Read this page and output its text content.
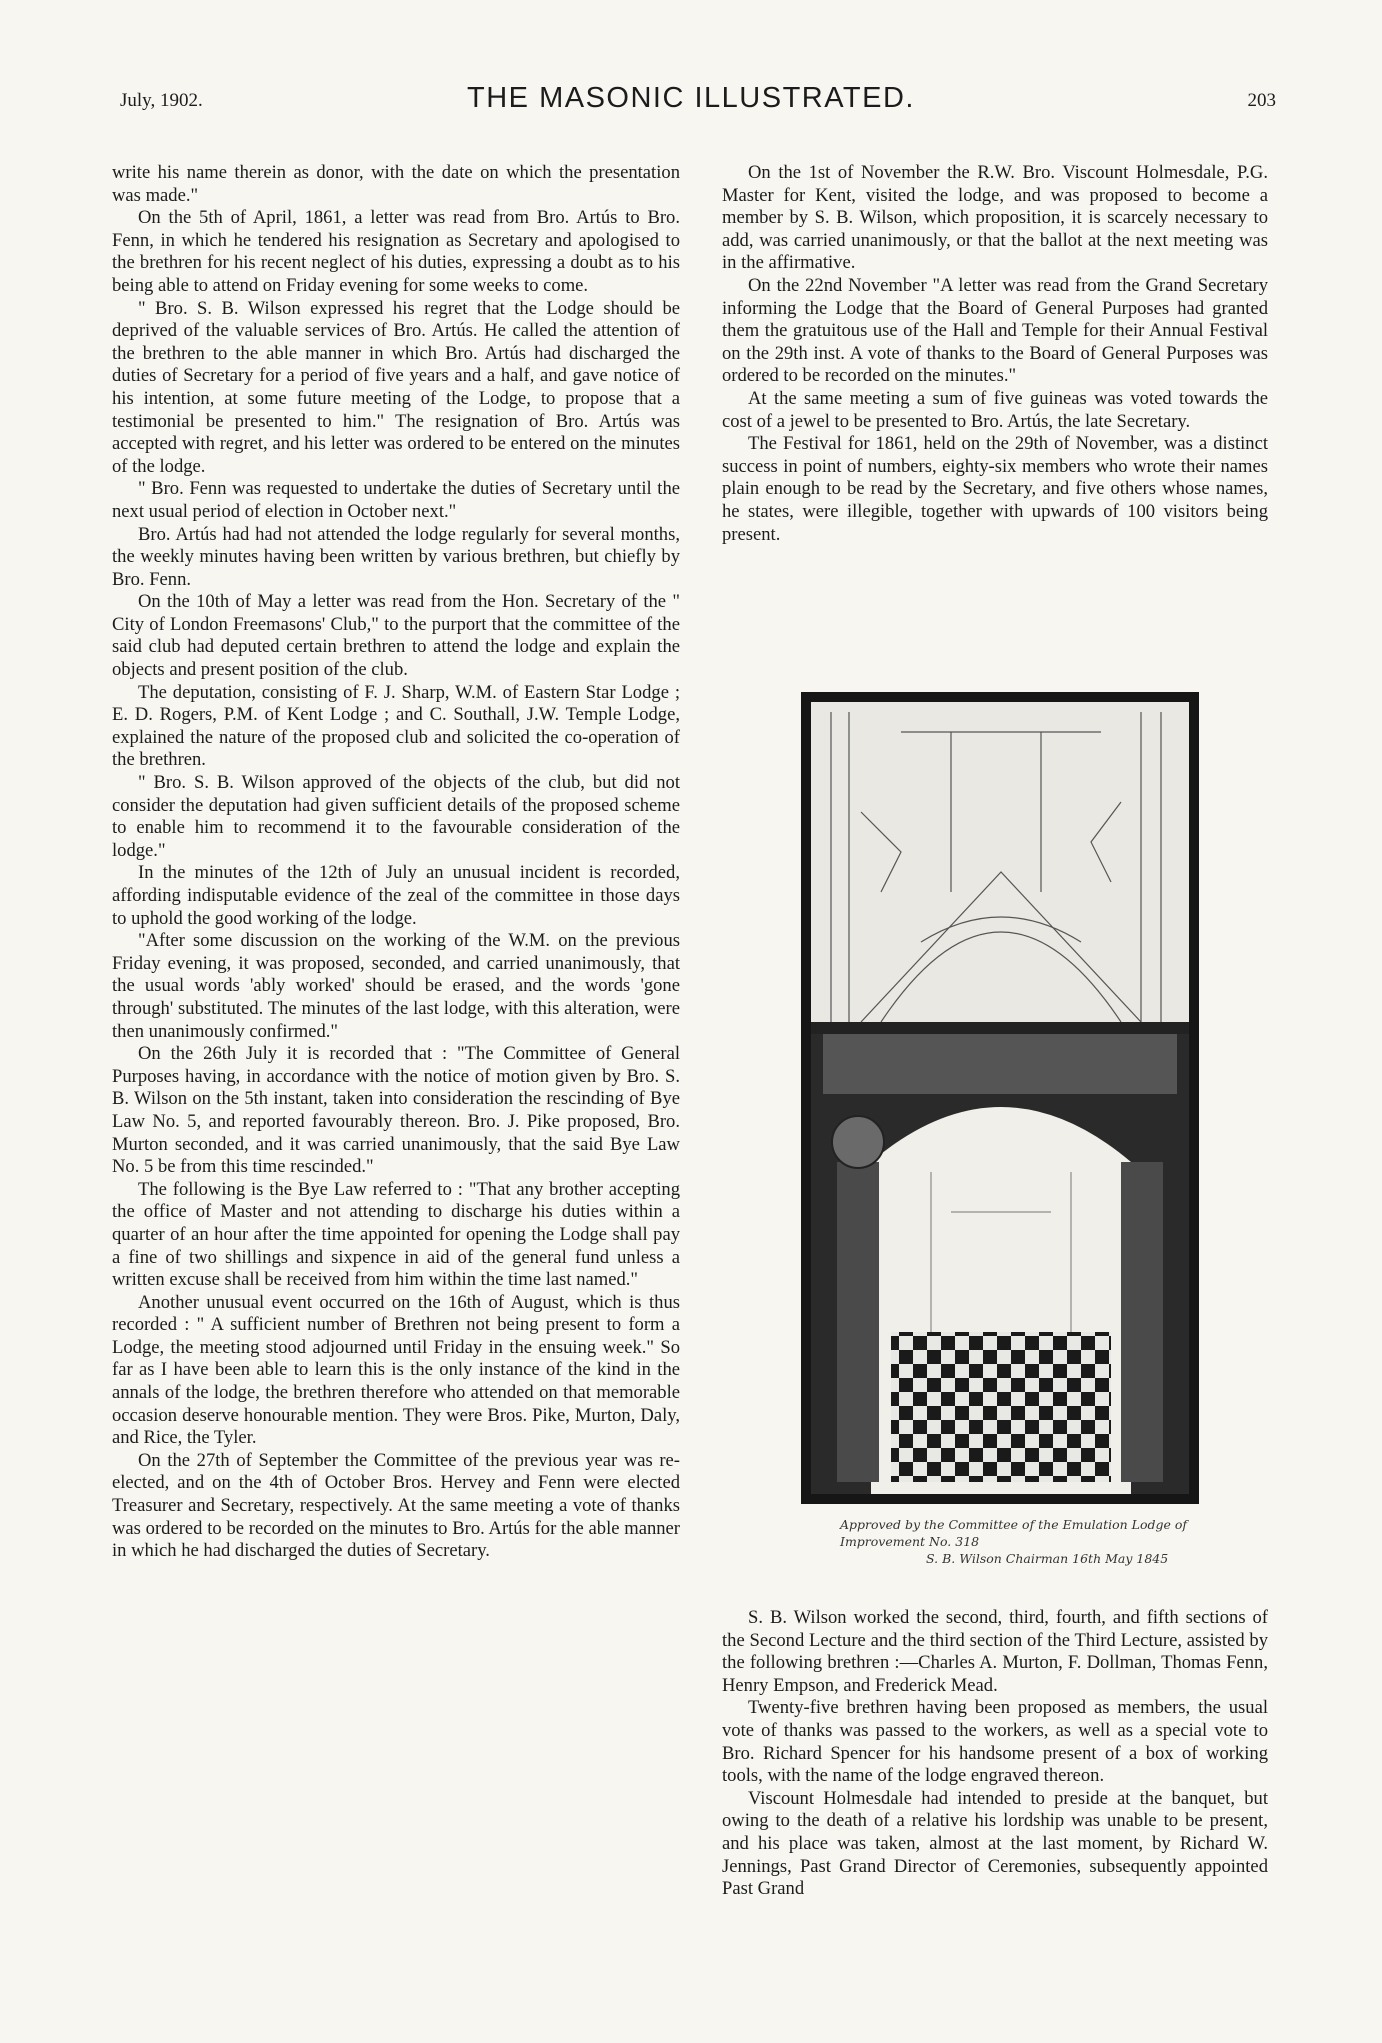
July, 1902.	THE MASONIC ILLUSTRATED.	203

write his name therein as donor, with the date on which the presentation was made."

On the 5th of April, 1861, a letter was read from Bro. Artús to Bro. Fenn, in which he tendered his resignation as Secretary and apologised to the brethren for his recent neglect of his duties, expressing a doubt as to his being able to attend on Friday evening for some weeks to come.

" Bro. S. B. Wilson expressed his regret that the Lodge should be deprived of the valuable services of Bro. Artús. He called the attention of the brethren to the able manner in which Bro. Artús had discharged the duties of Secretary for a period of five years and a half, and gave notice of his intention, at some future meeting of the Lodge, to propose that a testimonial be presented to him." The resignation of Bro. Artús was accepted with regret, and his letter was ordered to be entered on the minutes of the lodge.

" Bro. Fenn was requested to undertake the duties of Secretary until the next usual period of election in October next."

Bro. Artús had had not attended the lodge regularly for several months, the weekly minutes having been written by various brethren, but chiefly by Bro. Fenn.

On the 10th of May a letter was read from the Hon. Secretary of the " City of London Freemasons' Club," to the purport that the committee of the said club had deputed certain brethren to attend the lodge and explain the objects and present position of the club.

The deputation, consisting of F. J. Sharp, W.M. of Eastern Star Lodge ; E. D. Rogers, P.M. of Kent Lodge ; and C. Southall, J.W. Temple Lodge, explained the nature of the proposed club and solicited the co-operation of the brethren.

" Bro. S. B. Wilson approved of the objects of the club, but did not consider the deputation had given sufficient details of the proposed scheme to enable him to recommend it to the favourable consideration of the lodge."

In the minutes of the 12th of July an unusual incident is recorded, affording indisputable evidence of the zeal of the committee in those days to uphold the good working of the lodge.

"After some discussion on the working of the W.M. on the previous Friday evening, it was proposed, seconded, and carried unanimously, that the usual words 'ably worked' should be erased, and the words 'gone through' substituted. The minutes of the last lodge, with this alteration, were then unanimously confirmed."

On the 26th July it is recorded that : "The Committee of General Purposes having, in accordance with the notice of motion given by Bro. S. B. Wilson on the 5th instant, taken into consideration the rescinding of Bye Law No. 5, and reported favourably thereon. Bro. J. Pike proposed, Bro. Murton seconded, and it was carried unanimously, that the said Bye Law No. 5 be from this time rescinded."

The following is the Bye Law referred to : "That any brother accepting the office of Master and not attending to discharge his duties within a quarter of an hour after the time appointed for opening the Lodge shall pay a fine of two shillings and sixpence in aid of the general fund unless a written excuse shall be received from him within the time last named."

Another unusual event occurred on the 16th of August, which is thus recorded : " A sufficient number of Brethren not being present to form a Lodge, the meeting stood adjourned until Friday in the ensuing week." So far as I have been able to learn this is the only instance of the kind in the annals of the lodge, the brethren therefore who attended on that memorable occasion deserve honourable mention. They were Bros. Pike, Murton, Daly, and Rice, the Tyler.

On the 27th of September the Committee of the previous year was re-elected, and on the 4th of October Bros. Hervey and Fenn were elected Treasurer and Secretary, respectively. At the same meeting a vote of thanks was ordered to be recorded on the minutes to Bro. Artús for the able manner in which he had discharged the duties of Secretary.

On the 1st of November the R.W. Bro. Viscount Holmesdale, P.G. Master for Kent, visited the lodge, and was proposed to become a member by S. B. Wilson, which proposition, it is scarcely necessary to add, was carried unanimously, or that the ballot at the next meeting was in the affirmative.

On the 22nd November "A letter was read from the Grand Secretary informing the Lodge that the Board of General Purposes had granted them the gratuitous use of the Hall and Temple for their Annual Festival on the 29th inst. A vote of thanks to the Board of General Purposes was ordered to be recorded on the minutes."

At the same meeting a sum of five guineas was voted towards the cost of a jewel to be presented to Bro. Artús, the late Secretary.

The Festival for 1861, held on the 29th of November, was a distinct success in point of numbers, eighty-six members who wrote their names plain enough to be read by the Secretary, and five others whose names, he states, were illegible, together with upwards of 100 visitors being present.

Approved by the Committee of the Emulation Lodge of Improvement No. 318
S. B. Wilson Chairman 16th May 1845

S. B. Wilson worked the second, third, fourth, and fifth sections of the Second Lecture and the third section of the Third Lecture, assisted by the following brethren :—Charles A. Murton, F. Dollman, Thomas Fenn, Henry Empson, and Frederick Mead.

Twenty-five brethren having been proposed as members, the usual vote of thanks was passed to the workers, as well as a special vote to Bro. Richard Spencer for his handsome present of a box of working tools, with the name of the lodge engraved thereon.

Viscount Holmesdale had intended to preside at the banquet, but owing to the death of a relative his lordship was unable to be present, and his place was taken, almost at the last moment, by Richard W. Jennings, Past Grand Director of Ceremonies, subsequently appointed Past Grand
